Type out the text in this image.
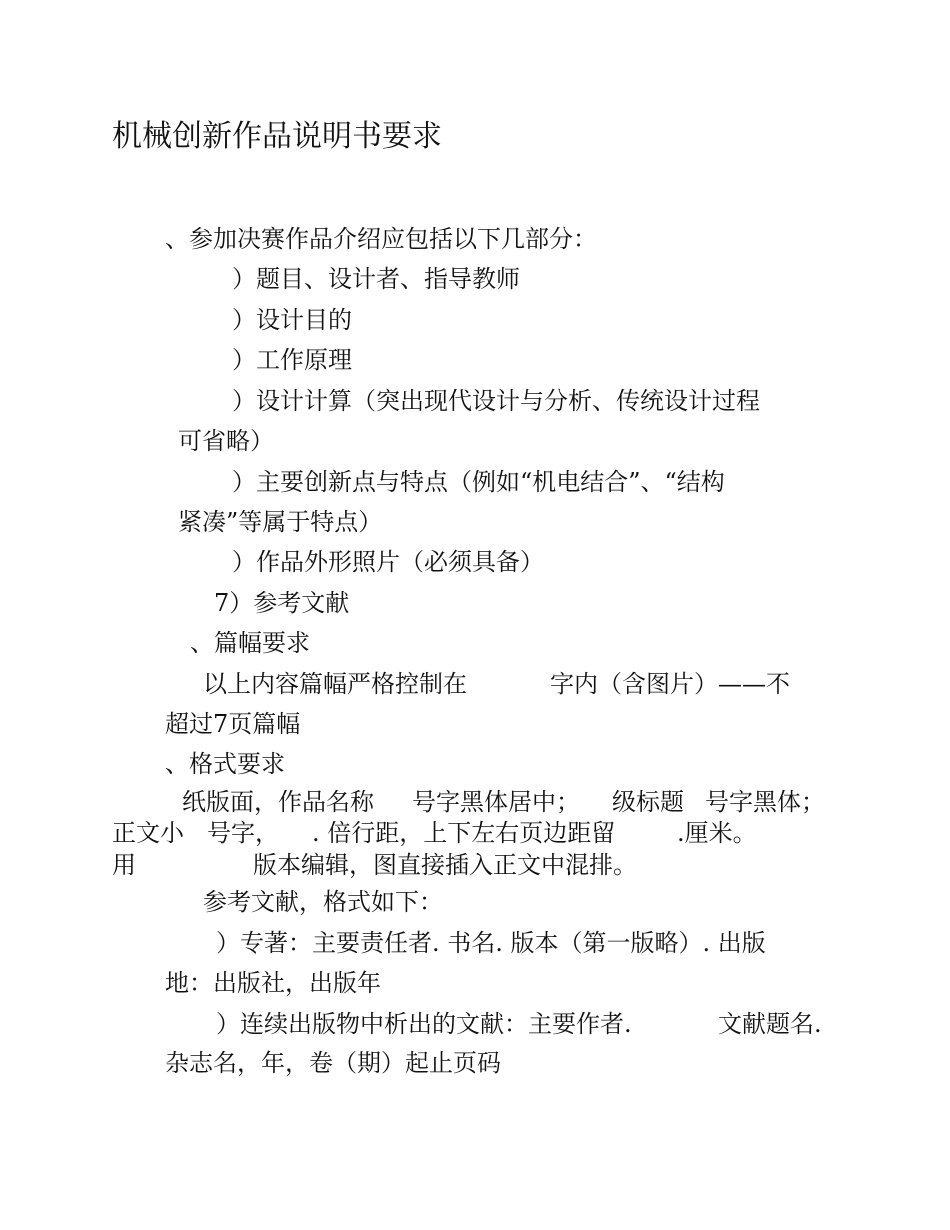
机械创新作品说明书要求
、参加决赛作品介绍应包括以下几部分：
）题目、设计者、指导教师
）设计目的
）工作原理
）设计计算（突出现代设计与分析、传统设计过程
可省略）
）主要创新点与特点（例如“机电结合”、“结构
紧凑”等属于特点）
）作品外形照片（必须具备）
7）参考文献
、篇幅要求
以上内容篇幅严格控制在	字内（含图片）——不
超过7页篇幅
、格式要求
纸版面，作品名称 号字黑体居中； 级标题 号字黑体；
正文小 号字， . 倍行距，上下左右页边距留	.厘米。
用	版本编辑，图直接插入正文中混排。
参考文献，格式如下：
）专著：主要责任者. 书名. 版本（第一版略）. 出版
地：出版社，出版年
）连续出版物中析出的文献：主要作者.	文献题名.
杂志名，年，卷（期）起止页码
